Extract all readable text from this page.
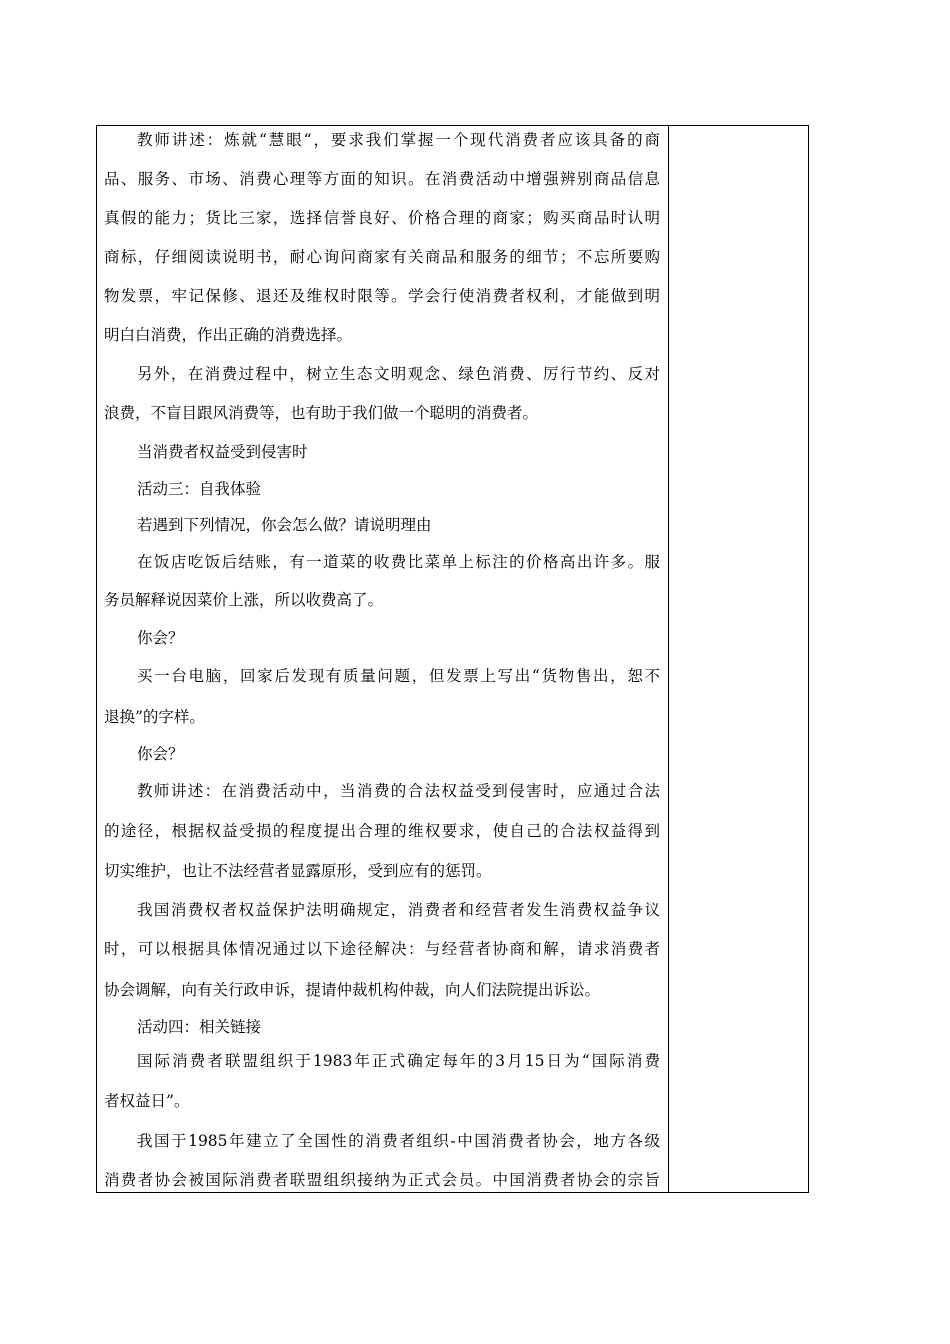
教师讲述：炼就“慧眼“，要求我们掌握一个现代消费者应该具备的商
品、服务、市场、消费心理等方面的知识。在消费活动中增强辨别商品信息
真假的能力；货比三家，选择信誉良好、价格合理的商家；购买商品时认明
商标，仔细阅读说明书，耐心询问商家有关商品和服务的细节；不忘所要购
物发票，牢记保修、退还及维权时限等。学会行使消费者权利，才能做到明
明白白消费，作出正确的消费选择。
另外，在消费过程中，树立生态文明观念、绿色消费、厉行节约、反对
浪费，不盲目跟风消费等，也有助于我们做一个聪明的消费者。
当消费者权益受到侵害时
活动三：自我体验
若遇到下列情况，你会怎么做？请说明理由
在饭店吃饭后结账，有一道菜的收费比菜单上标注的价格高出许多。服
务员解释说因菜价上涨，所以收费高了。
你会？
买一台电脑，回家后发现有质量问题，但发票上写出“货物售出，恕不
退换”的字样。
你会？
教师讲述：在消费活动中，当消费的合法权益受到侵害时，应通过合法
的途径，根据权益受损的程度提出合理的维权要求，使自己的合法权益得到
切实维护，也让不法经营者显露原形，受到应有的惩罚。
我国消费权者权益保护法明确规定，消费者和经营者发生消费权益争议
时，可以根据具体情况通过以下途径解决：与经营者协商和解，请求消费者
协会调解，向有关行政申诉，提请仲裁机构仲裁，向人们法院提出诉讼。
活动四：相关链接
国际消费者联盟组织于1983年正式确定每年的3月15日为“国际消费
者权益日”。
我国于1985年建立了全国性的消费者组织-中国消费者协会，地方各级
消费者协会被国际消费者联盟组织接纳为正式会员。中国消费者协会的宗旨
